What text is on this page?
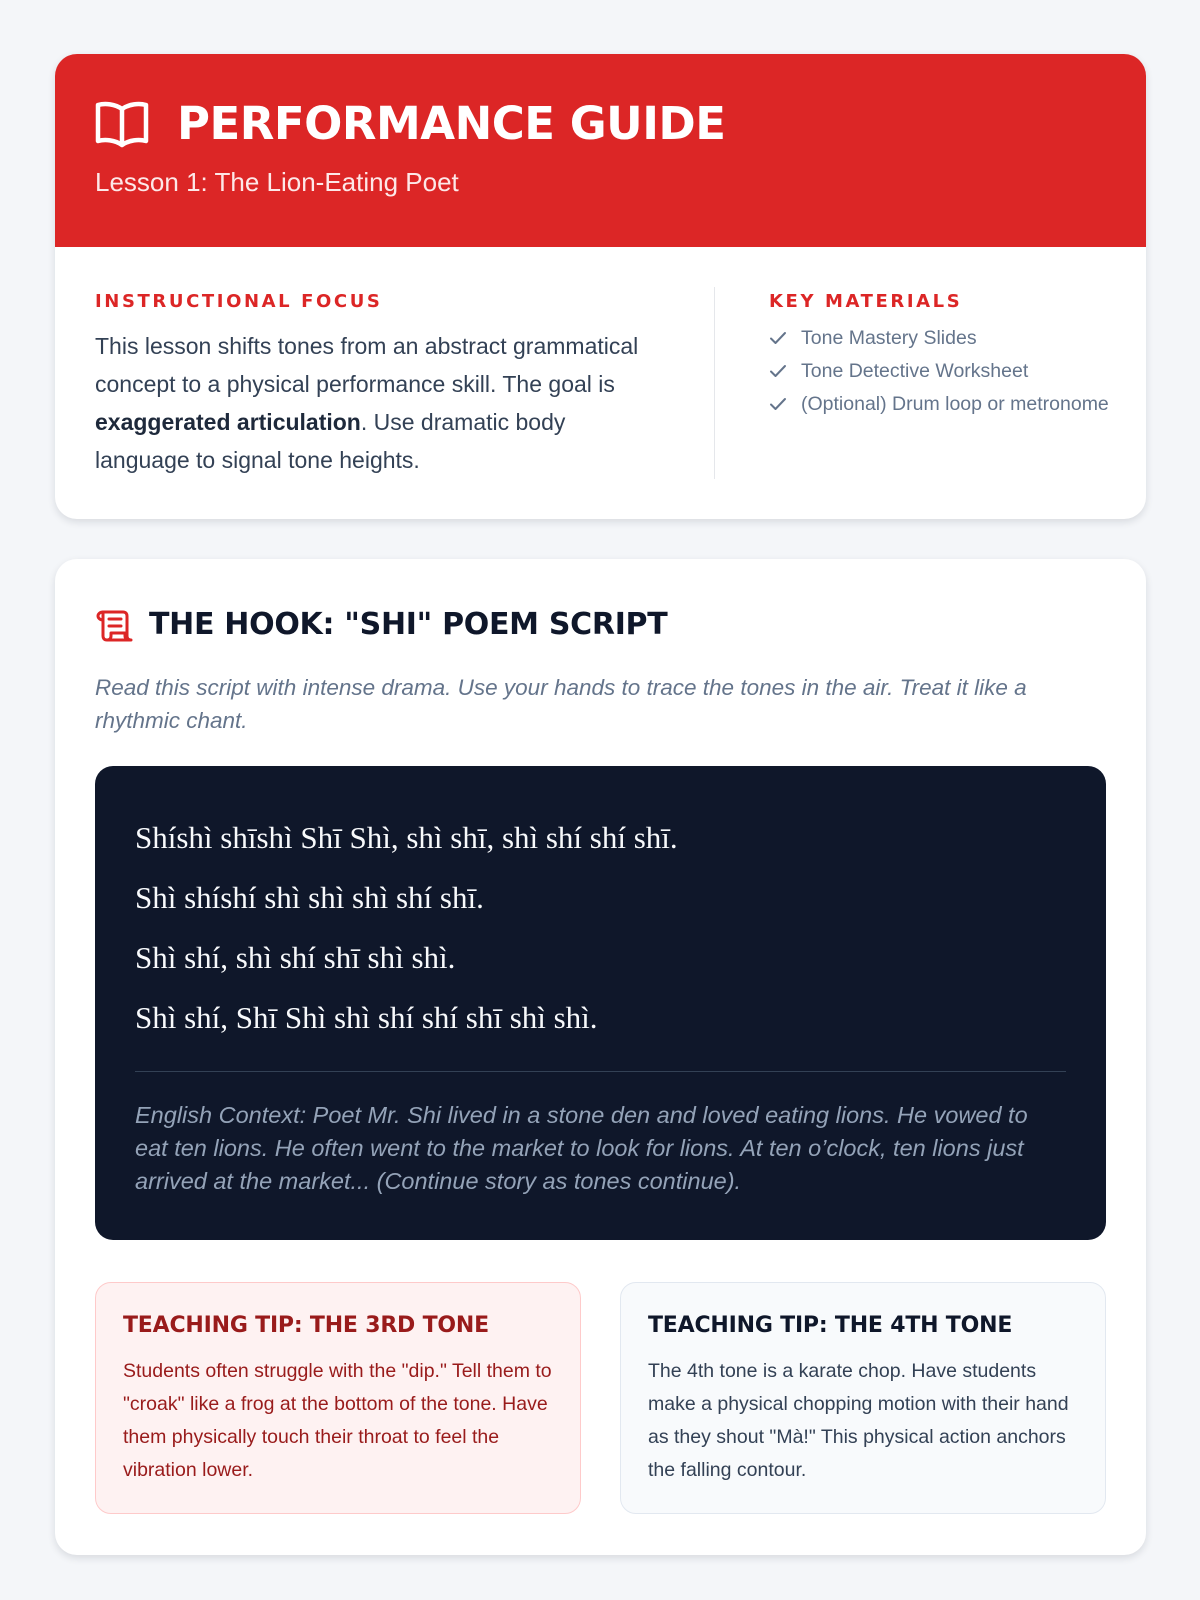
PERFORMANCE GUIDE
Lesson 1: The Lion-Eating Poet
INSTRUCTIONAL FOCUS

This lesson shifts tones from an abstract grammatical concept to a physical performance skill. The goal is exaggerated articulation. Use dramatic body language to signal tone heights.

KEY MATERIALS
Tone Mastery Slides
Tone Detective Worksheet
(Optional) Drum loop or metronome
THE HOOK: "SHI" POEM SCRIPT

Read this script with intense drama. Use your hands to trace the tones in the air. Treat it like a rhythmic chant.

Shíshì shīshì Shī Shì, shì shī, shì shí shí shī.
Shì shíshí shì shì shì shí shī.
Shì shí, shì shí shī shì shì.
Shì shí, Shī Shì shì shí shí shī shì shì.

English Context: Poet Mr. Shi lived in a stone den and loved eating lions. He vowed to eat ten lions. He often went to the market to look for lions. At ten o’clock, ten lions just arrived at the market... (Continue story as tones continue).

TEACHING TIP: THE 3RD TONE

Students often struggle with the "dip." Tell them to "croak" like a frog at the bottom of the tone. Have them physically touch their throat to feel the vibration lower.

TEACHING TIP: THE 4TH TONE

The 4th tone is a karate chop. Have students make a physical chopping motion with their hand as they shout "Mà!" This physical action anchors the falling contour.
